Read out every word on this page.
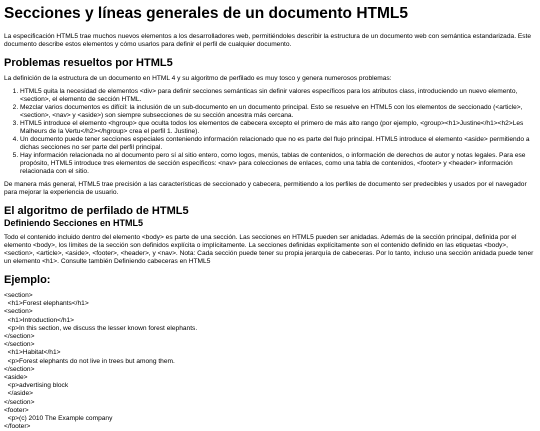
Secciones y líneas generales de un documento HTML5

La especificación HTML5 trae muchos nuevos elementos a los desarrolladores web, permitiéndoles describir la estructura de un documento web con semántica estandarizada. Este documento describe estos elementos y cómo usarlos para definir el perfil de cualquier documento.

Problemas resueltos por HTML5

La definición de la estructura de un documento en HTML 4 y su algoritmo de perfilado es muy tosco y genera numerosos problemas:

1. HTML5 quita la necesidad de elementos <div> para definir secciones semánticas sin definir valores específicos para los atributos class, introduciendo un nuevo elemento, <section>, el elemento de sección HTML.
2. Mezclar varios documentos es difícil: la inclusión de un sub-documento en un documento principal. Esto se resuelve en HTML5 con los elementos de seccionado (<article>, <section>, <nav> y <aside>) son siempre subsecciones de su sección ancestra más cercana.
3. HTML5 introduce el elemento <hgroup> que oculta todos los elementos de cabecera excepto el primero de más alto rango (por ejemplo, <group><h1>Justine</h1><h2>Les Malheurs de la Vertu</h2></hgroup> crea el perfil 1. Justine).
4. Un documento puede tener secciones especiales conteniendo información relacionado que no es parte del flujo principal. HTML5 introduce el elemento <aside> permitiendo a dichas secciones no ser parte del perfil principal.
5. Hay información relacionada no al documento pero sí al sitio entero, como logos, menús, tablas de contenidos, o información de derechos de autor y notas legales. Para ese propósito, HTML5 introduce tres elementos de sección específicos: <nav> para colecciones de enlaces, como una tabla de contenidos, <footer> y <header> información relacionada con el sitio.

De manera más general, HTML5 trae precisión a las características de seccionado y cabecera, permitiendo a los perfiles de documento ser predecibles y usados por el navegador para mejorar la experiencia de usuario.

El algoritmo de perfilado de HTML5
Definiendo Secciones en HTML5

Todo el contenido incluido dentro del elemento <body> es parte de una sección. Las secciones en HTML5 pueden ser anidadas. Además de la sección principal, definida por el elemento <body>, los límites de la sección son definidos explícita o implícitamente. La secciones definidas explícitamente son el contenido definido en las etiquetas <body>, <section>, <article>, <aside>, <footer>, <header>, y <nav>. Nota: Cada sección puede tener su propia jerarquía de cabeceras. Por lo tanto, incluso una sección anidada puede tener un elemento <h1>. Consulte también Definiendo cabeceras en HTML5

Ejemplo:
<section>
<h1>Forest elephants</h1>
<section>
<h1>Introduction</h1>
<p>In this section, we discuss the lesser known forest elephants.
</section>
</section>
<h1>Habitat</h1>
<p>Forest elephants do not live in trees but among them.
</section>
<aside>
<p>advertising block
</aside>
</section>
<footer>
<p>(c) 2010 The Example company
</footer>
